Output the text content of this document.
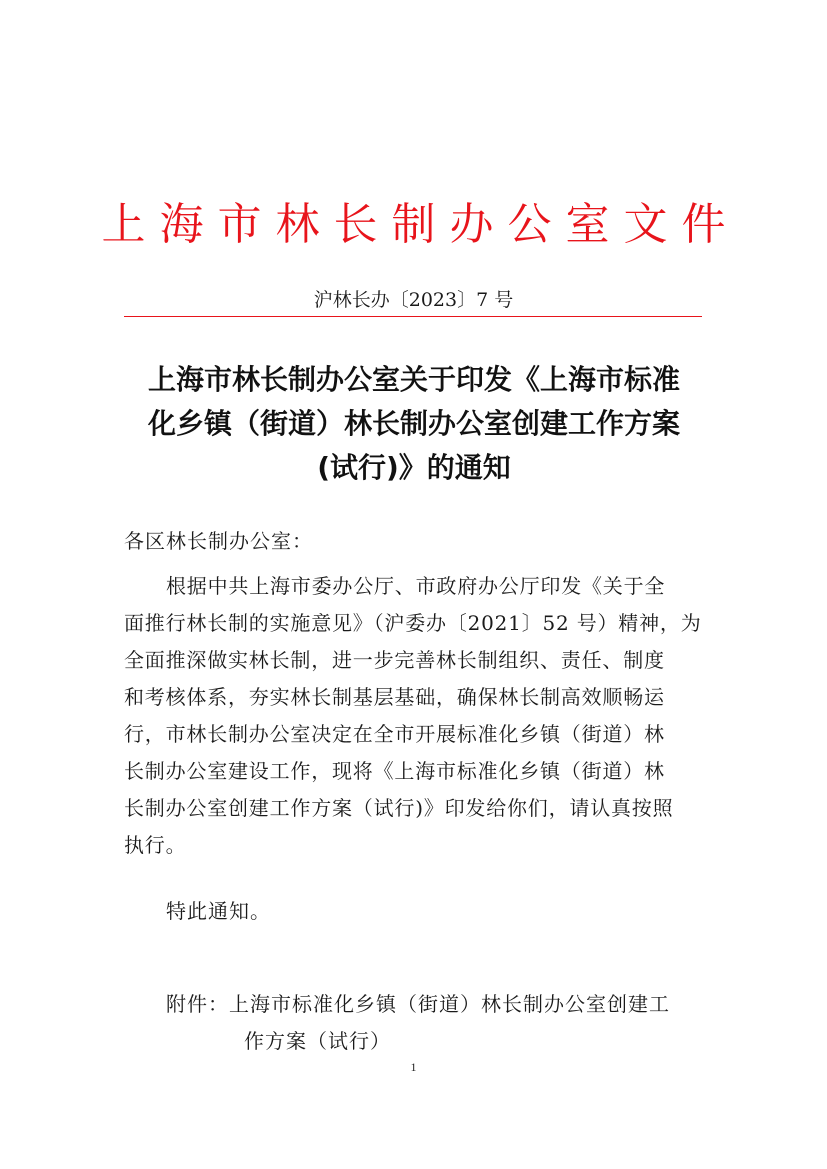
上海市林长制办公室文件
沪林长办〔2023〕7 号
上海市林长制办公室关于印发《上海市标准
化乡镇（街道）林长制办公室创建工作方案
(试行)》的通知
各区林长制办公室：
根据中共上海市委办公厅、市政府办公厅印发《关于全
面推行林长制的实施意见》（沪委办〔2021〕52 号）精神，为
全面推深做实林长制，进一步完善林长制组织、责任、制度
和考核体系，夯实林长制基层基础，确保林长制高效顺畅运
行，市林长制办公室决定在全市开展标准化乡镇（街道）林
长制办公室建设工作，现将《上海市标准化乡镇（街道）林
长制办公室创建工作方案（试行)》印发给你们，请认真按照
执行。
特此通知。
附件：上海市标准化乡镇（街道）林长制办公室创建工
作方案（试行）
1
